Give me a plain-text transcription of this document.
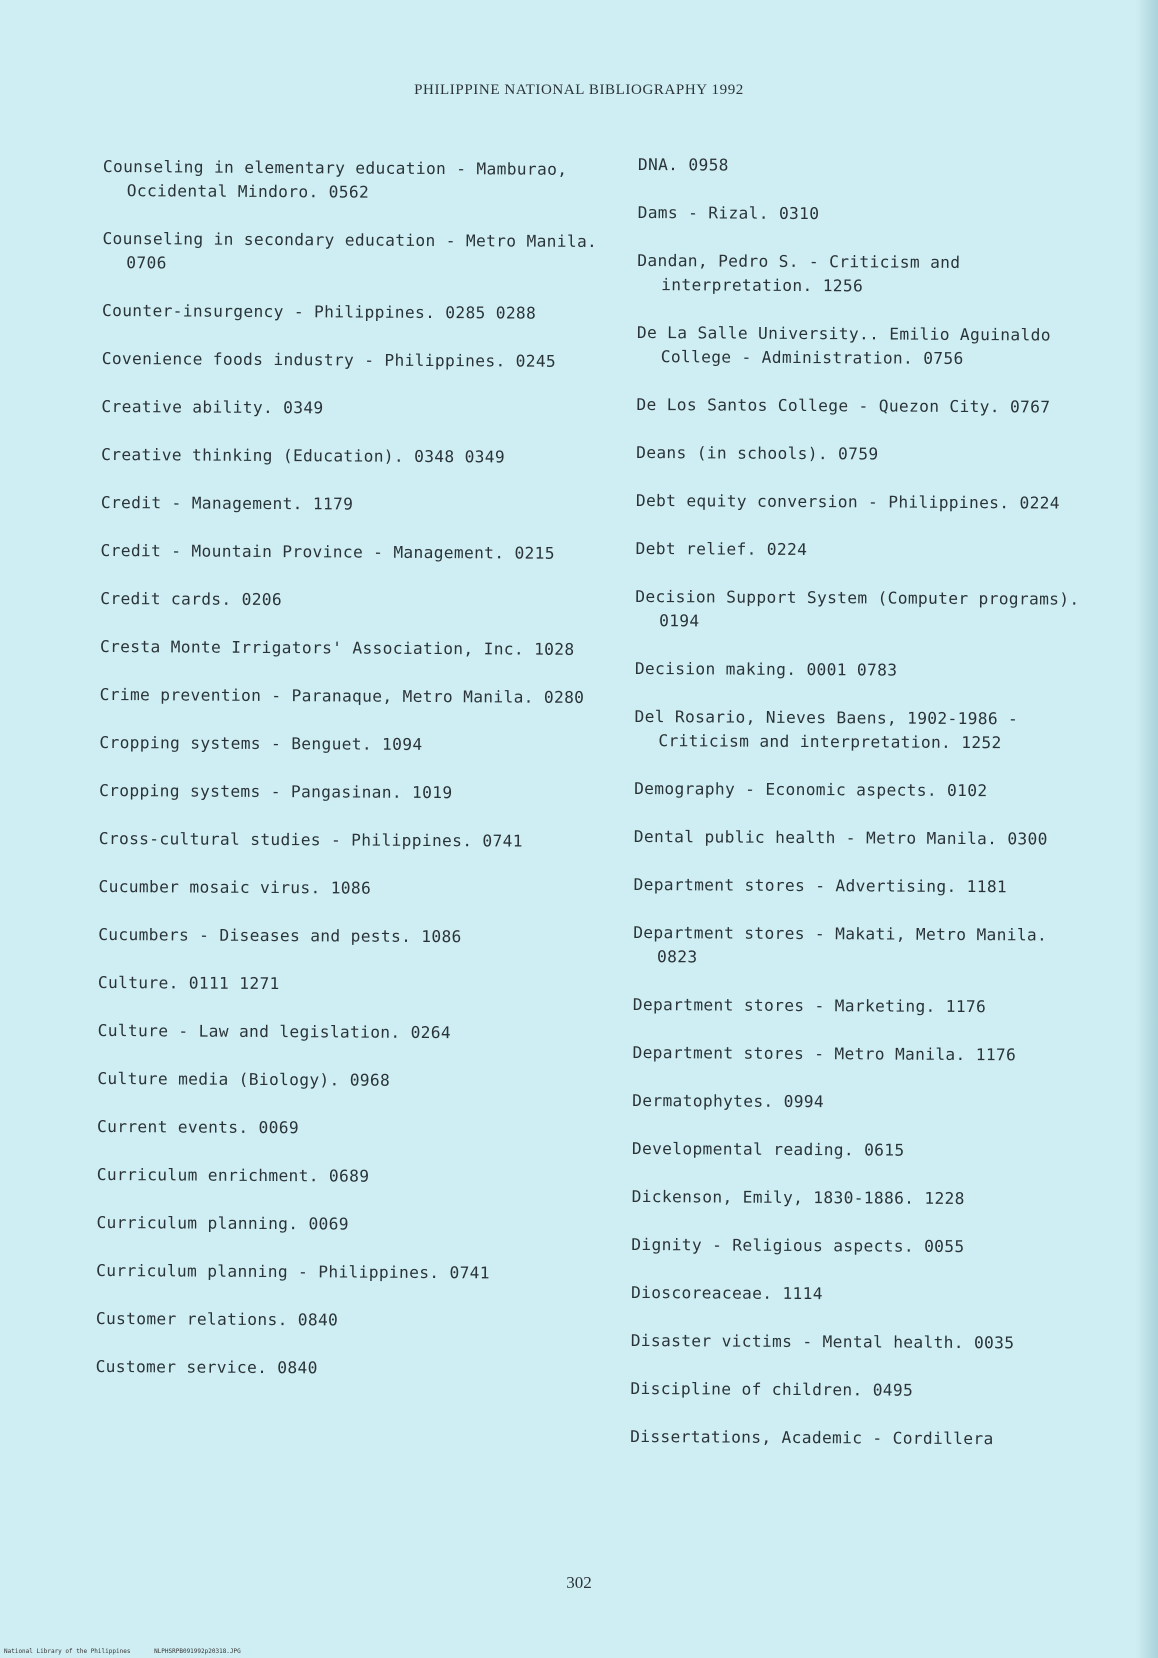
PHILIPPINE NATIONAL BIBLIOGRAPHY 1992
Counseling in elementary education - Mamburao, Occidental Mindoro. 0562
Counseling in secondary education - Metro Manila. 0706
Counter-insurgency - Philippines. 0285 0288
Covenience foods industry - Philippines. 0245
Creative ability. 0349
Creative thinking (Education). 0348 0349
Credit - Management. 1179
Credit - Mountain Province - Management. 0215
Credit cards. 0206
Cresta Monte Irrigators' Association, Inc. 1028
Crime prevention - Paranaque, Metro Manila. 0280
Cropping systems - Benguet. 1094
Cropping systems - Pangasinan. 1019
Cross-cultural studies - Philippines. 0741
Cucumber mosaic virus. 1086
Cucumbers - Diseases and pests. 1086
Culture. 0111 1271
Culture - Law and legislation. 0264
Culture media (Biology). 0968
Current events. 0069
Curriculum enrichment. 0689
Curriculum planning. 0069
Curriculum planning - Philippines. 0741
Customer relations. 0840
Customer service. 0840
DNA. 0958
Dams - Rizal. 0310
Dandan, Pedro S. - Criticism and interpretation. 1256
De La Salle University.. Emilio Aguinaldo College - Administration. 0756
De Los Santos College - Quezon City. 0767
Deans (in schools). 0759
Debt equity conversion - Philippines. 0224
Debt relief. 0224
Decision Support System (Computer programs). 0194
Decision making. 0001 0783
Del Rosario, Nieves Baens, 1902-1986 - Criticism and interpretation. 1252
Demography - Economic aspects. 0102
Dental public health - Metro Manila. 0300
Department stores - Advertising. 1181
Department stores - Makati, Metro Manila. 0823
Department stores - Marketing. 1176
Department stores - Metro Manila. 1176
Dermatophytes. 0994
Developmental reading. 0615
Dickenson, Emily, 1830-1886. 1228
Dignity - Religious aspects. 0055
Dioscoreaceae. 1114
Disaster victims - Mental health. 0035
Discipline of children. 0495
Dissertations, Academic - Cordillera
302
National Library of the Philippines	NLPHSRPB091992p20318.JPG
